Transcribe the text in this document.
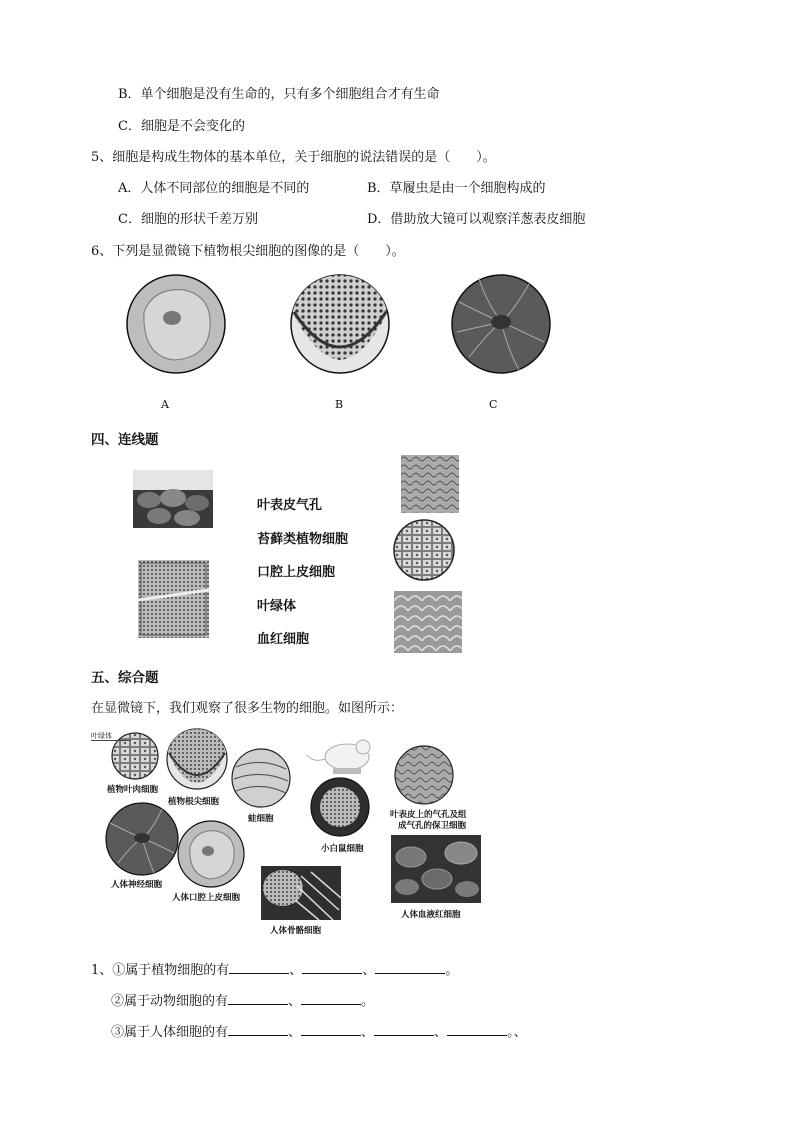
B．单个细胞是没有生命的，只有多个细胞组合才有生命
C．细胞是不会变化的
5、细胞是构成生物体的基本单位，关于细胞的说法错误的是（　　）。
A．人体不同部位的细胞是不同的	B．草履虫是由一个细胞构成的
C．细胞的形状千差万别	D．借助放大镜可以观察洋葱表皮细胞
6、下列是显微镜下植物根尖细胞的图像的是（　　）。
A	B	C
四、连线题
叶表皮气孔
苔藓类植物细胞
口腔上皮细胞
叶绿体
血红细胞
五、综合题
在显微镜下，我们观察了很多生物的细胞。如图所示：
叶绿体
植物叶肉细胞
植物根尖细胞
蛙细胞
小白鼠细胞
叶表皮上的气孔及组
成气孔的保卫细胞
人体神经细胞
人体口腔上皮细胞
人体骨骼细胞
人体血液红细胞
1、①属于植物细胞的有	、	、	。
②属于动物细胞的有	、	。
③属于人体细胞的有	、	、	、	。、
